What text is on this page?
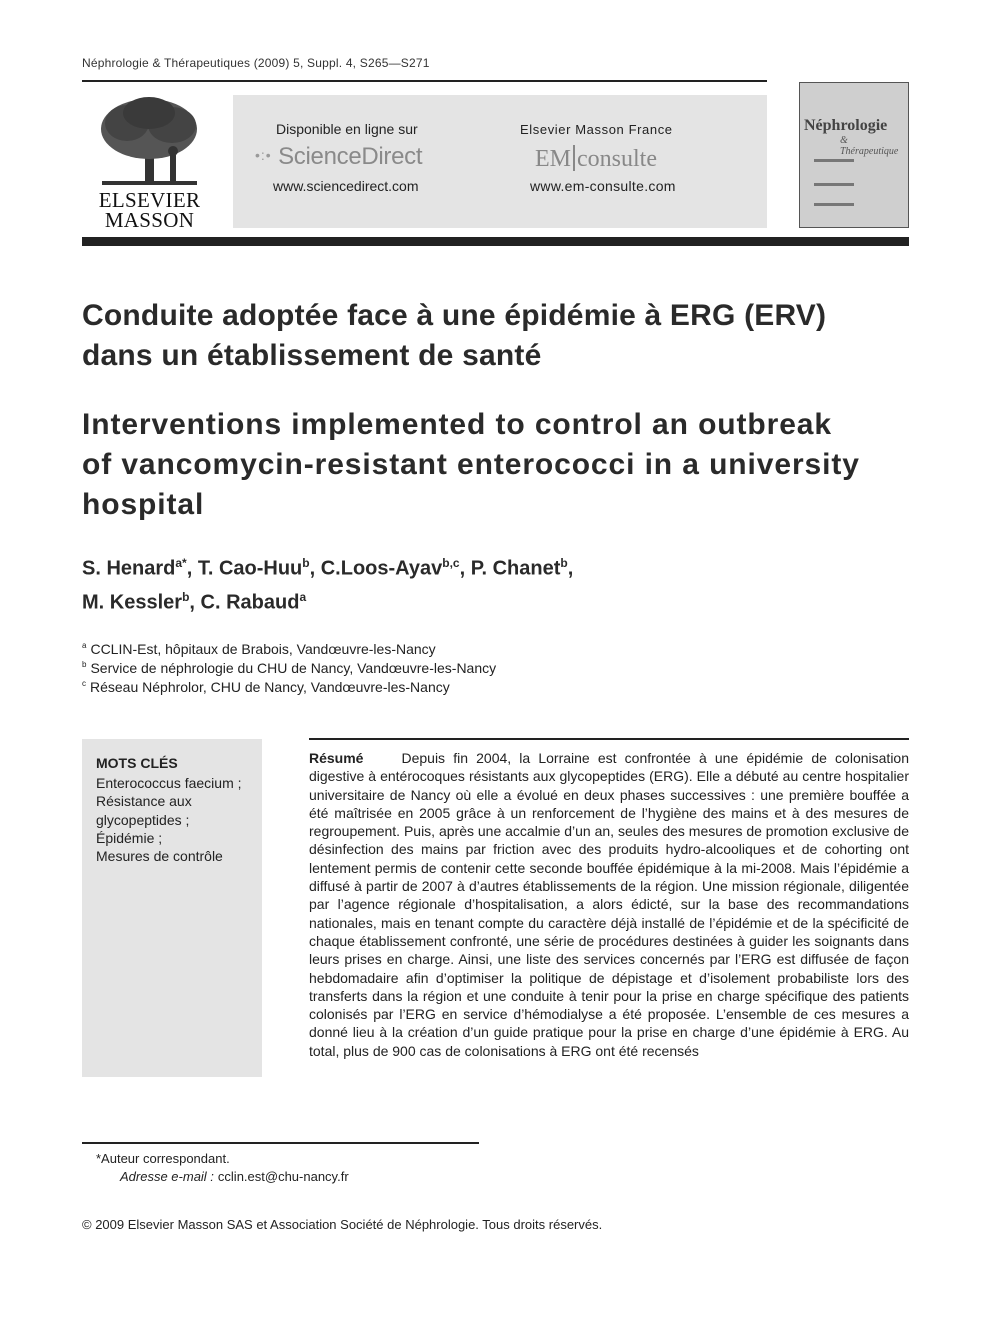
Néphrologie & Thérapeutiques (2009) 5, Suppl. 4, S265—S271
ELSEVIER
MASSON
Disponible en ligne sur
•:• ScienceDirect
www.sciencedirect.com
Elsevier Masson France
EM consulte
www.em-consulte.com
Néphrologie
& Thérapeutique
Conduite adoptée face à une épidémie à ERG (ERV)
dans un établissement de santé
Interventions implemented to control an outbreak
of vancomycin-resistant enterococci in a university
hospital
S. Henard$^{a*}$, T. Cao-Huu$^b$, C.Loos-Ayav$^{b,c}$, P. Chanet$^b$,
M. Kessler$^b$, C. Rabaud$^a$
$^a$ CCLIN-Est, hôpitaux de Brabois, Vandœuvre-les-Nancy
$^b$ Service de néphrologie du CHU de Nancy, Vandœuvre-les-Nancy
$^c$ Réseau Néphrolor, CHU de Nancy, Vandœuvre-les-Nancy
MOTS CLÉS
Enterococcus faecium ;
Résistance aux glycopeptides ;
Épidémie ;
Mesures de contrôle
Résumé	Depuis fin 2004, la Lorraine est confrontée à une épidémie de colonisation digestive à entérocoques résistants aux glycopeptides (ERG). Elle a débuté au centre hospitalier universitaire de Nancy où elle a évolué en deux phases successives : une première bouffée a été maîtrisée en 2005 grâce à un renforcement de l’hygiène des mains et à des mesures de regroupement. Puis, après une accalmie d’un an, seules des mesures de promotion exclusive de désinfection des mains par friction avec des produits hydro-alcooliques et de cohorting ont lentement permis de contenir cette seconde bouffée épidémique à la mi-2008. Mais l’épidémie a diffusé à partir de 2007 à d’autres établissements de la région. Une mission régionale, diligentée par l’agence régionale d’hospitalisation, a alors édicté, sur la base des recommandations nationales, mais en tenant compte du caractère déjà installé de l’épidémie et de la spécificité de chaque établissement confronté, une série de procédures destinées à guider les soignants dans leurs prises en charge. Ainsi, une liste des services concernés par l’ERG est diffusée de façon hebdomadaire afin d’optimiser la politique de dépistage et d’isolement probabiliste lors des transferts dans la région et une conduite à tenir pour la prise en charge spécifique des patients colonisés par l’ERG en service d’hémodialyse a été proposée. L’ensemble de ces mesures a donné lieu à la création d’un guide pratique pour la prise en charge d’une épidémie à ERG. Au total, plus de 900 cas de colonisations à ERG ont été recensés
*Auteur correspondant.
Adresse e-mail : cclin.est@chu-nancy.fr
© 2009 Elsevier Masson SAS et Association Société de Néphrologie. Tous droits réservés.
